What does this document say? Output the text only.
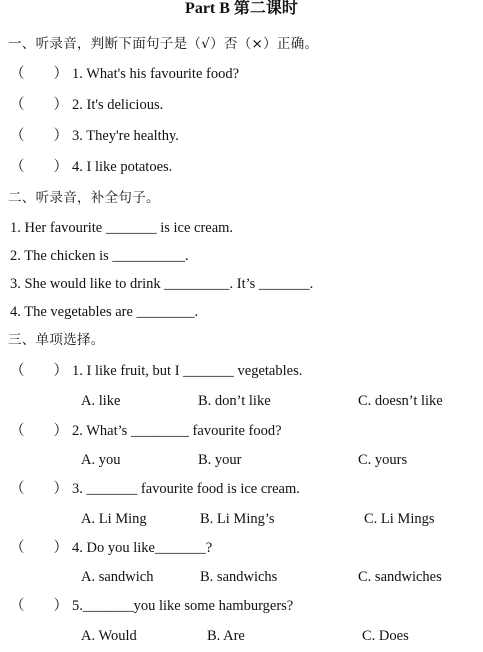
Part B 第二课时
一、听录音，判断下面句子是（√）否（×）正确。
（　　） 1. What's his favourite food?
（　　） 2. It's delicious.
（　　） 3. They're healthy.
（　　） 4. I like potatoes.
二、听录音，补全句子。
1. Her favourite _______ is ice cream.
2. The chicken is __________.
3. She would like to drink _________. It’s _______.
4. The vegetables are ________.
三、单项选择。
（　　） 1. I like fruit, but I _______ vegetables.
A. like	B. don’t like	C. doesn’t like
（　　） 2. What’s ________ favourite food?
A. you	B. your	C. yours
（　　） 3. _______ favourite food is ice cream.
A. Li Ming	B. Li Ming’s	C. Li Mings
（　　） 4. Do you like_______?
A. sandwich	B. sandwichs	C. sandwiches
（　　） 5._______you like some hamburgers?
A. Would	B. Are	C. Does
